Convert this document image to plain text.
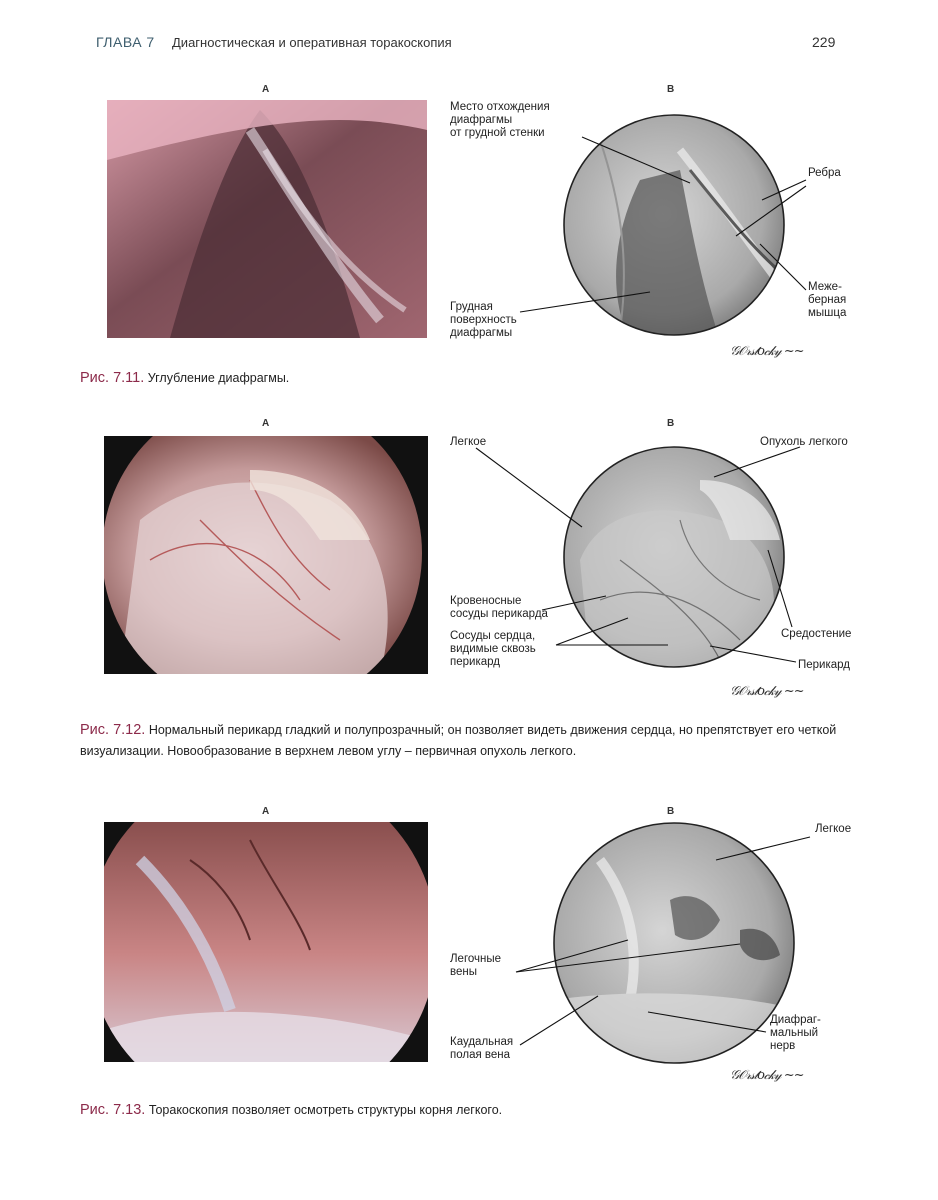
ГЛАВА 7 Диагностическая и оперативная торакоскопия	229
A	B
A	B
A	B
Место отхождения
диафрагмы
от грудной стенки
Ребра
Меже-
берная
мышца
Грудная
поверхность
диафрагмы
𝒢𝒪𝓇𝓈𝓉𝑜𝒸𝓀𝓎 ~~
Рис. 7.11. Углубление диафрагмы.
Легкое	Опухоль легкого
Кровеносные
сосуды перикарда
Сосуды сердца,
видимые сквозь
перикард
Средостение
Перикард
𝒢𝒪𝓇𝓈𝓉𝑜𝒸𝓀𝓎 ~~
Рис. 7.12. Нормальный перикард гладкий и полупрозрачный; он позволяет видеть движения сердца, но препятствует его четкой визуализации. Новообразование в верхнем левом углу – первичная опухоль легкого.
Легкое
Легочные
вены
Каудальная
полая вена
Диафраг-
мальный
нерв
𝒢𝒪𝓇𝓈𝓉𝑜𝒸𝓀𝓎 ~~
Рис. 7.13. Торакоскопия позволяет осмотреть структуры корня легкого.
